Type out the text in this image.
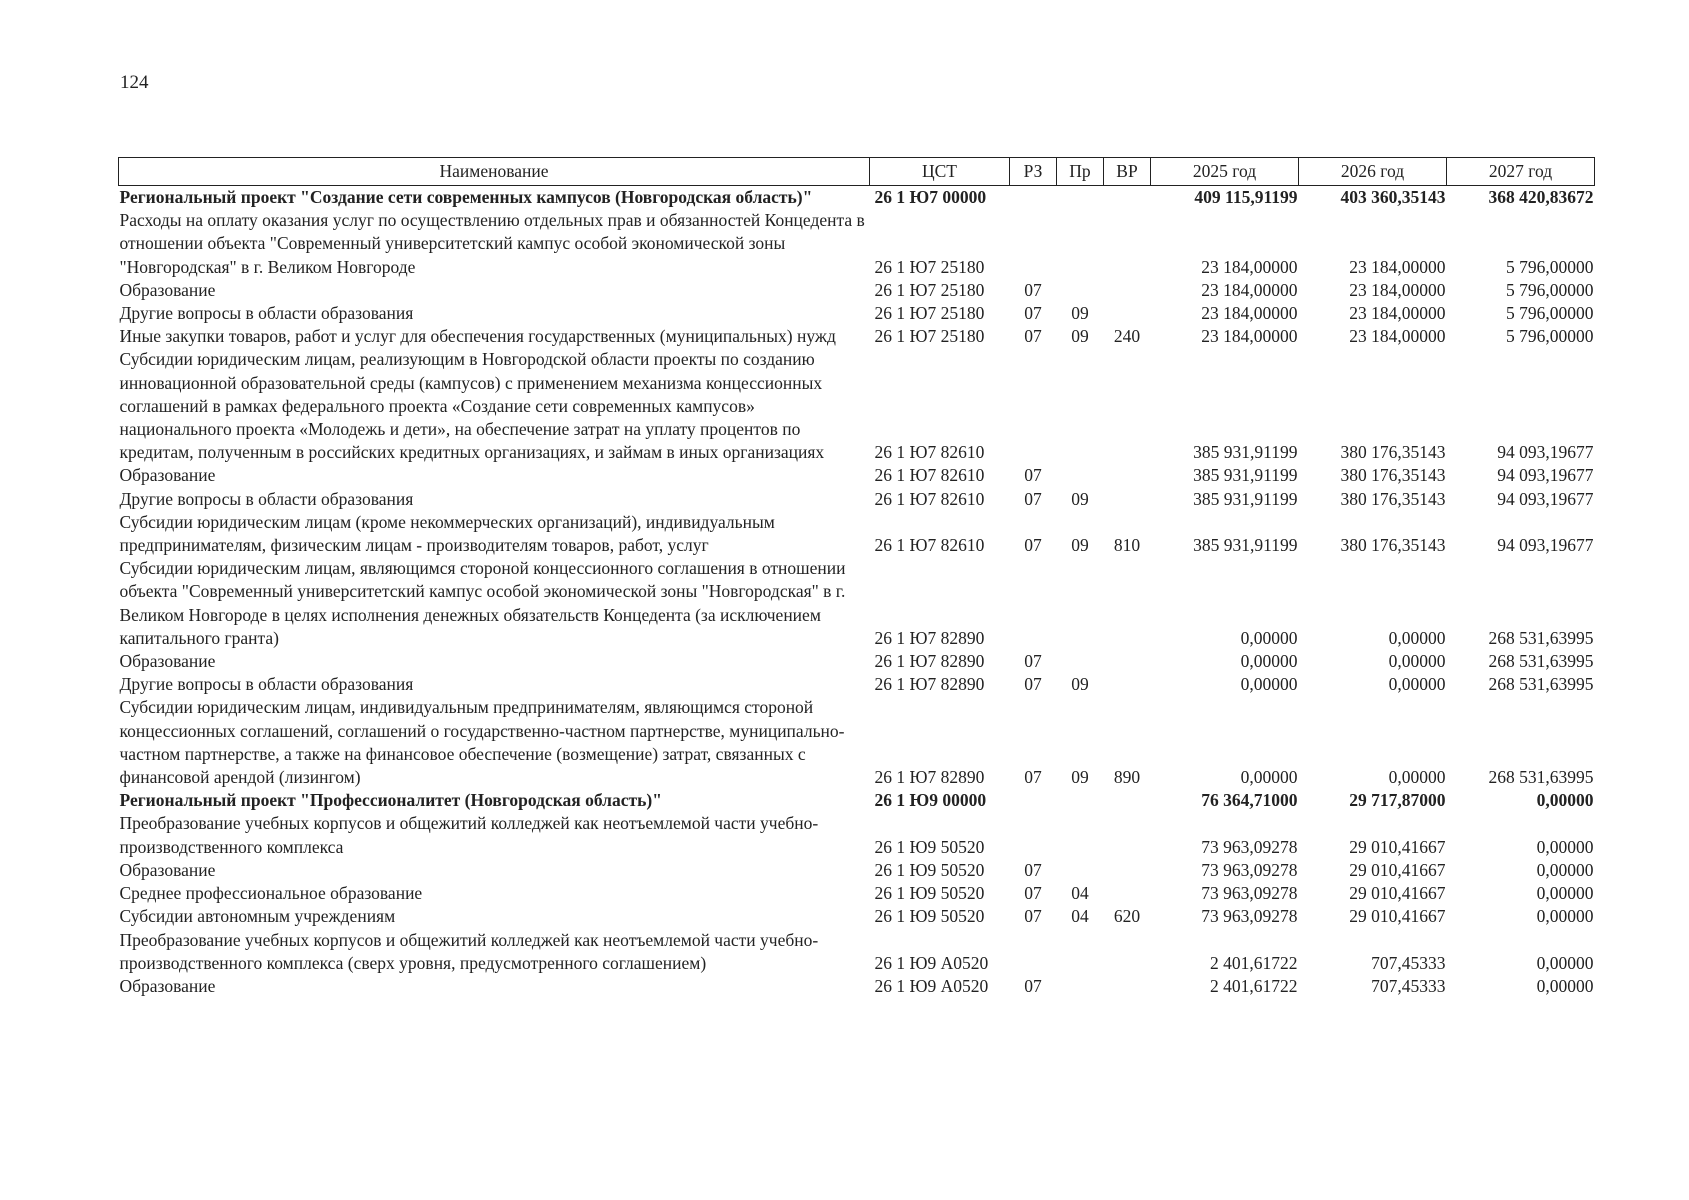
124
Наименование	ЦСТ	РЗ	Пр	ВР	2025 год	2026 год	2027 год
Региональный проект "Создание сети современных кампусов (Новгородская область)"	26 1 Ю7 00000				409 115,91199	403 360,35143	368 420,83672
Расходы на оплату оказания услуг по осуществлению отдельных прав и обязанностей Концедента в отношении объекта "Современный университетский кампус особой экономической зоны "Новгородская" в г. Великом Новгороде	26 1 Ю7 25180				23 184,00000	23 184,00000	5 796,00000
Образование	26 1 Ю7 25180	07			23 184,00000	23 184,00000	5 796,00000
Другие вопросы в области образования	26 1 Ю7 25180	07	09		23 184,00000	23 184,00000	5 796,00000
Иные закупки товаров, работ и услуг для обеспечения государственных (муниципальных) нужд	26 1 Ю7 25180	07	09	240	23 184,00000	23 184,00000	5 796,00000
Субсидии юридическим лицам, реализующим в Новгородской области проекты по созданию инновационной образовательной среды (кампусов) с применением механизма концессионных соглашений в рамках федерального проекта «Создание сети современных кампусов» национального проекта «Молодежь и дети», на обеспечение затрат на уплату процентов по кредитам, полученным в российских кредитных организациях, и займам в иных организациях	26 1 Ю7 82610				385 931,91199	380 176,35143	94 093,19677
Образование	26 1 Ю7 82610	07			385 931,91199	380 176,35143	94 093,19677
Другие вопросы в области образования	26 1 Ю7 82610	07	09		385 931,91199	380 176,35143	94 093,19677
Субсидии юридическим лицам (кроме некоммерческих организаций), индивидуальным предпринимателям, физическим лицам - производителям товаров, работ, услуг	26 1 Ю7 82610	07	09	810	385 931,91199	380 176,35143	94 093,19677
Субсидии юридическим лицам, являющимся стороной концессионного соглашения в отношении объекта "Современный университетский кампус особой экономической зоны "Новгородская" в г. Великом Новгороде в целях исполнения денежных обязательств Концедента (за исключением капитального гранта)	26 1 Ю7 82890				0,00000	0,00000	268 531,63995
Образование	26 1 Ю7 82890	07			0,00000	0,00000	268 531,63995
Другие вопросы в области образования	26 1 Ю7 82890	07	09		0,00000	0,00000	268 531,63995
Субсидии юридическим лицам, индивидуальным предпринимателям, являющимся стороной концессионных соглашений, соглашений о государственно-частном партнерстве, муниципально-частном партнерстве, а также на финансовое обеспечение (возмещение) затрат, связанных с финансовой арендой (лизингом)	26 1 Ю7 82890	07	09	890	0,00000	0,00000	268 531,63995
Региональный проект "Профессионалитет (Новгородская область)"	26 1 Ю9 00000				76 364,71000	29 717,87000	0,00000
Преобразование учебных корпусов и общежитий колледжей как неотъемлемой части учебно-производственного комплекса	26 1 Ю9 50520				73 963,09278	29 010,41667	0,00000
Образование	26 1 Ю9 50520	07			73 963,09278	29 010,41667	0,00000
Среднее профессиональное образование	26 1 Ю9 50520	07	04		73 963,09278	29 010,41667	0,00000
Субсидии автономным учреждениям	26 1 Ю9 50520	07	04	620	73 963,09278	29 010,41667	0,00000
Преобразование учебных корпусов и общежитий колледжей как неотъемлемой части учебно-производственного комплекса (сверх уровня, предусмотренного соглашением)	26 1 Ю9 А0520				2 401,61722	707,45333	0,00000
Образование	26 1 Ю9 А0520	07			2 401,61722	707,45333	0,00000
